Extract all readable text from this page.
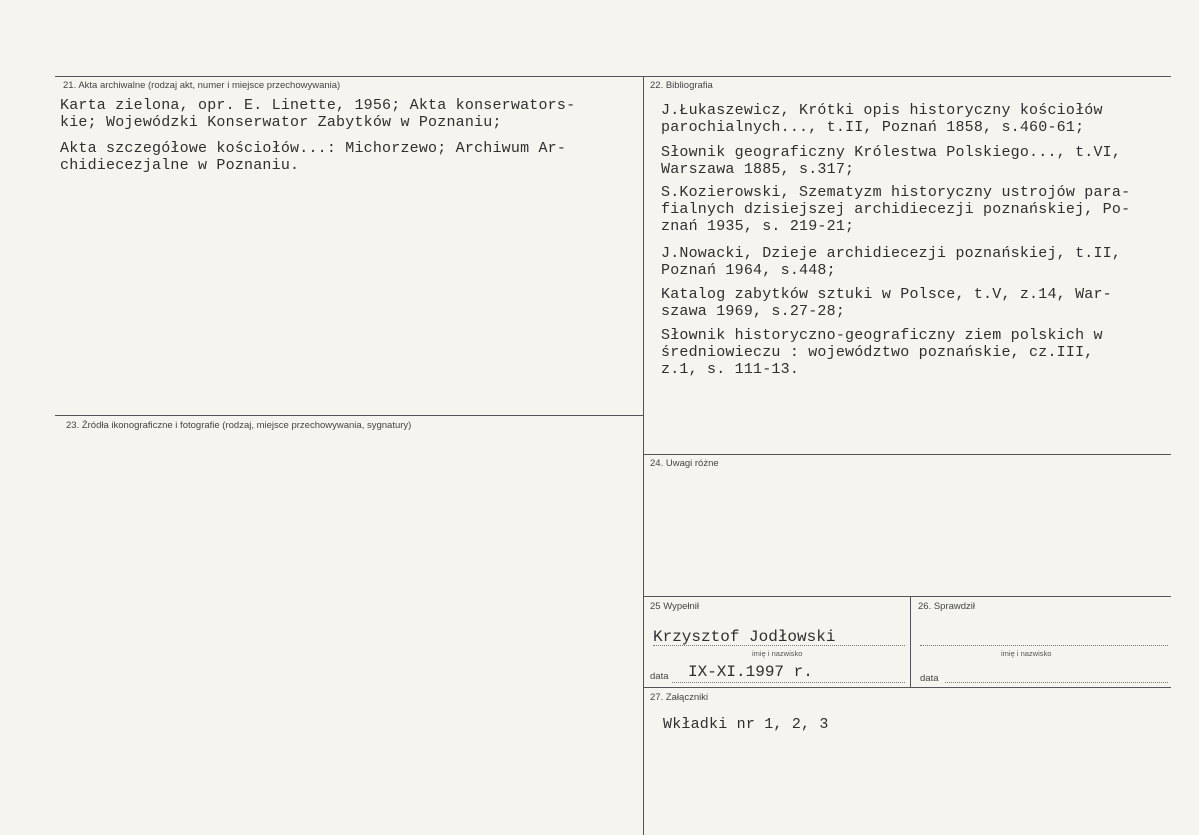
21. Akta archiwalne (rodzaj akt, numer i miejsce przechowywania)
Karta zielona, opr. E. Linette, 1956; Akta konserwators-
kie; Wojewódzki Konserwator Zabytków w Poznaniu;
Akta szczegółowe kościołów...: Michorzewo; Archiwum Ar-
chidiecezjalne w Poznaniu.
22. Bibliografia
J.Łukaszewicz, Krótki opis historyczny kościołów
parochialnych..., t.II, Poznań 1858, s.460-61;
Słownik geograficzny Królestwa Polskiego..., t.VI,
Warszawa 1885, s.317;
S.Kozierowski, Szematyzm historyczny ustrojów para-
fialnych dzisiejszej archidiecezji poznańskiej, Po-
znań 1935, s. 219-21;
J.Nowacki, Dzieje archidiecezji poznańskiej, t.II,
Poznań 1964, s.448;
Katalog zabytków sztuki w Polsce, t.V, z.14, War-
szawa 1969, s.27-28;
Słownik historyczno-geograficzny ziem polskich w
średniowieczu : województwo poznańskie, cz.III,
z.1, s. 111-13.
23. Źródła ikonograficzne i fotografie (rodzaj, miejsce przechowywania, sygnatury)
24. Uwagi różne
25 Wypełnił
Krzysztof Jodłowski
imię i nazwisko
data IX-XI.1997 r.
26. Sprawdził
imię i nazwisko
data
27. Załączniki
Wkładki nr 1, 2, 3
